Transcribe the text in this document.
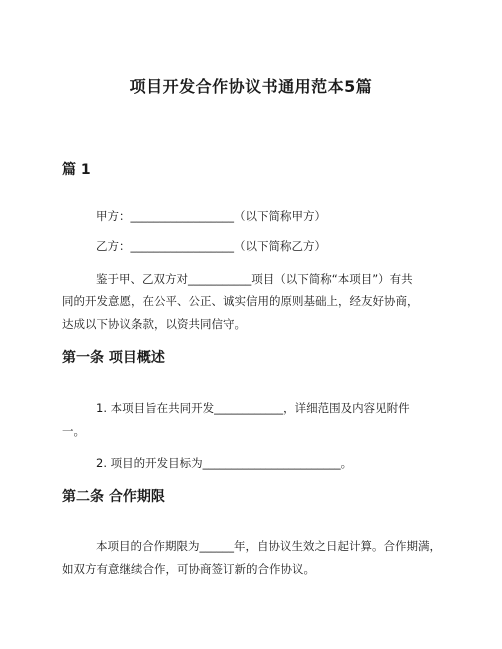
项目开发合作协议书通用范本5篇
篇 1
甲方：__________________（以下简称甲方）
乙方：__________________（以下简称乙方）
鉴于甲、乙双方对___________项目（以下简称“本项目”）有共
同的开发意愿，在公平、公正、诚实信用的原则基础上，经友好协商，
达成以下协议条款，以资共同信守。
第一条 项目概述
1. 本项目旨在共同开发____________，详细范围及内容见附件
一。
2. 项目的开发目标为________________________。
第二条 合作期限
本项目的合作期限为______年，自协议生效之日起计算。合作期满，
如双方有意继续合作，可协商签订新的合作协议。
